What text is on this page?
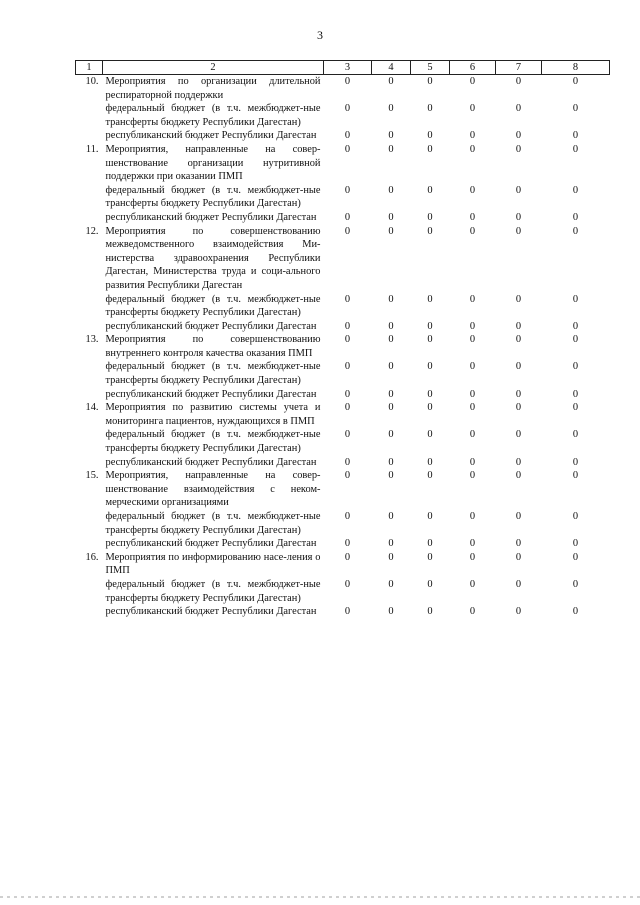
3
1	2	3	4	5	6	7	8
10.	Мероприятия по организации длительной респираторной поддержки	0	0	0	0	0	0
	федеральный бюджет (в т.ч. межбюджет-ные трансферты бюджету Республики Дагестан)	0	0	0	0	0	0
	республиканский бюджет Республики Дагестан	0	0	0	0	0	0
11.	Мероприятия, направленные на совер-шенствование организации нутритивной поддержки при оказании ПМП	0	0	0	0	0	0
	федеральный бюджет (в т.ч. межбюджет-ные трансферты бюджету Республики Дагестан)	0	0	0	0	0	0
	республиканский бюджет Республики Дагестан	0	0	0	0	0	0
12.	Мероприятия по совершенствованию межведомственного взаимодействия Ми-нистерства здравоохранения Республики Дагестан, Министерства труда и соци-ального развития Республики Дагестан	0	0	0	0	0	0
	федеральный бюджет (в т.ч. межбюджет-ные трансферты бюджету Республики Дагестан)	0	0	0	0	0	0
	республиканский бюджет Республики Дагестан	0	0	0	0	0	0
13.	Мероприятия по совершенствованию внутреннего контроля качества оказания ПМП	0	0	0	0	0	0
	федеральный бюджет (в т.ч. межбюджет-ные трансферты бюджету Республики Дагестан)	0	0	0	0	0	0
	республиканский бюджет Республики Дагестан	0	0	0	0	0	0
14.	Мероприятия по развитию системы учета и мониторинга пациентов, нуждающихся в ПМП	0	0	0	0	0	0
	федеральный бюджет (в т.ч. межбюджет-ные трансферты бюджету Республики Дагестан)	0	0	0	0	0	0
	республиканский бюджет Республики Дагестан	0	0	0	0	0	0
15.	Мероприятия, направленные на совер-шенствование взаимодействия с неком-мерческими организациями	0	0	0	0	0	0
	федеральный бюджет (в т.ч. межбюджет-ные трансферты бюджету Республики Дагестан)	0	0	0	0	0	0
	республиканский бюджет Республики Дагестан	0	0	0	0	0	0
16.	Мероприятия по информированию насе-ления о ПМП	0	0	0	0	0	0
	федеральный бюджет (в т.ч. межбюджет-ные трансферты бюджету Республики Дагестан)	0	0	0	0	0	0
	республиканский бюджет Республики Дагестан	0	0	0	0	0	0
